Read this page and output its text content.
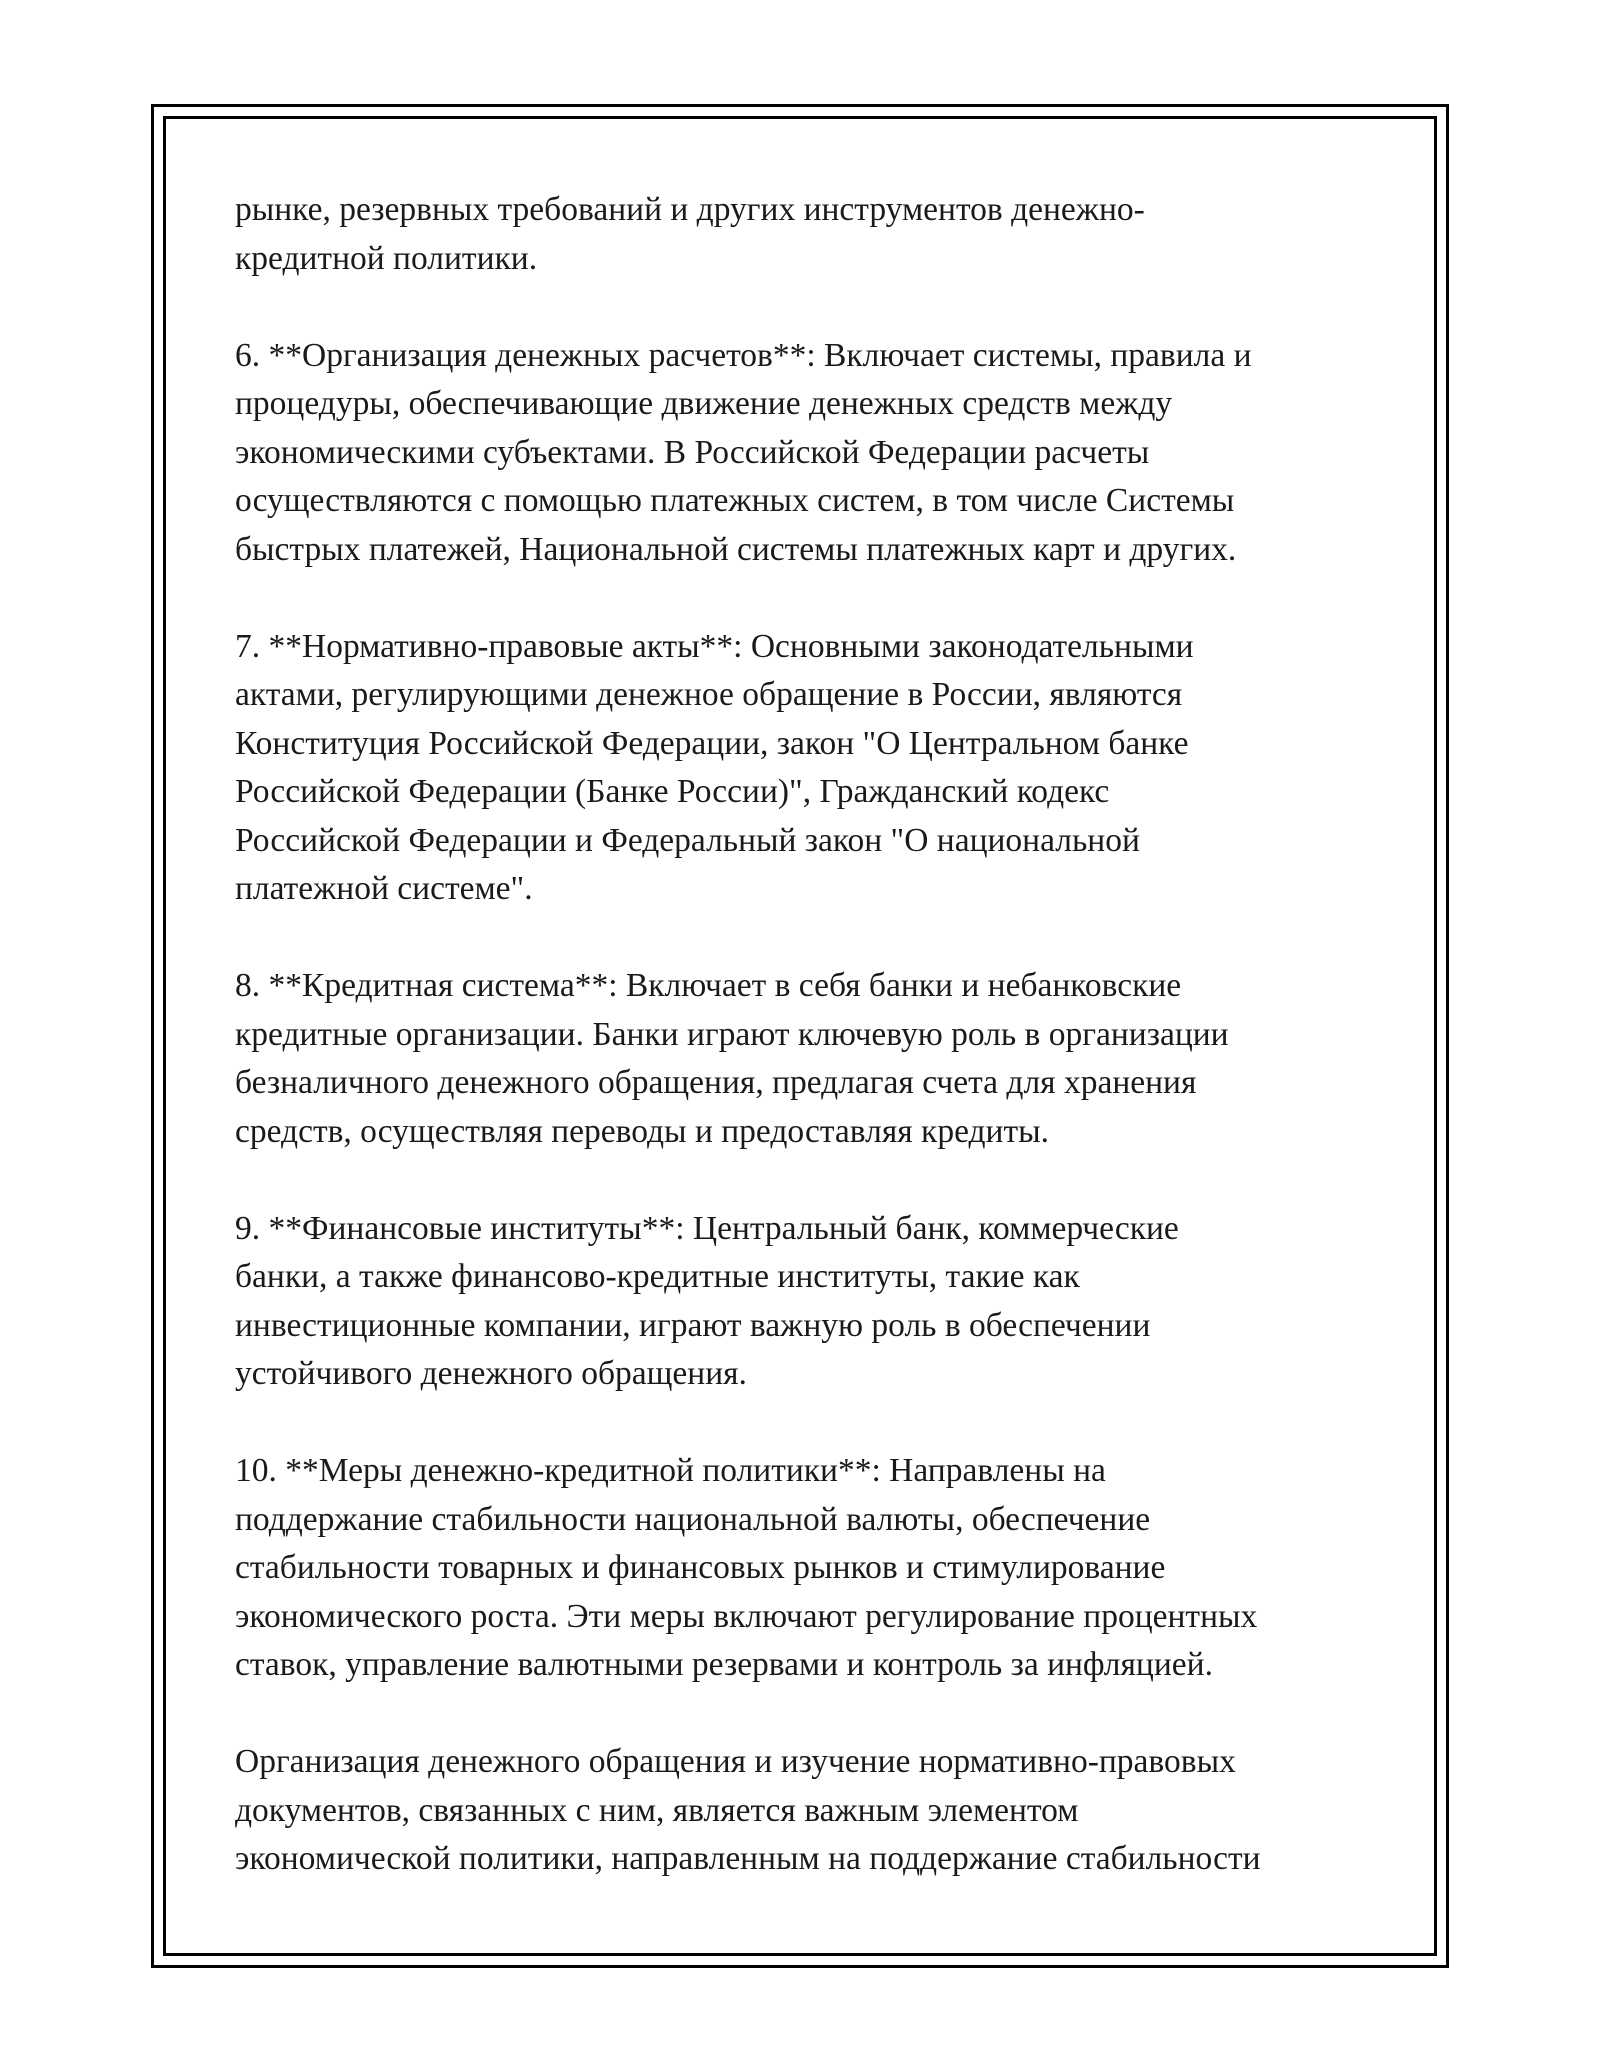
рынке, резервных требований и других инструментов денежно-
кредитной политики.

6. **Организация денежных расчетов**: Включает системы, правила и
процедуры, обеспечивающие движение денежных средств между
экономическими субъектами. В Российской Федерации расчеты
осуществляются с помощью платежных систем, в том числе Системы
быстрых платежей, Национальной системы платежных карт и других.

7. **Нормативно-правовые акты**: Основными законодательными
актами, регулирующими денежное обращение в России, являются
Конституция Российской Федерации, закон "О Центральном банке
Российской Федерации (Банке России)", Гражданский кодекс
Российской Федерации и Федеральный закон "О национальной
платежной системе".

8. **Кредитная система**: Включает в себя банки и небанковские
кредитные организации. Банки играют ключевую роль в организации
безналичного денежного обращения, предлагая счета для хранения
средств, осуществляя переводы и предоставляя кредиты.

9. **Финансовые институты**: Центральный банк, коммерческие
банки, а также финансово-кредитные институты, такие как
инвестиционные компании, играют важную роль в обеспечении
устойчивого денежного обращения.

10. **Меры денежно-кредитной политики**: Направлены на
поддержание стабильности национальной валюты, обеспечение
стабильности товарных и финансовых рынков и стимулирование
экономического роста. Эти меры включают регулирование процентных
ставок, управление валютными резервами и контроль за инфляцией.

Организация денежного обращения и изучение нормативно-правовых
документов, связанных с ним, является важным элементом
экономической политики, направленным на поддержание стабильности
